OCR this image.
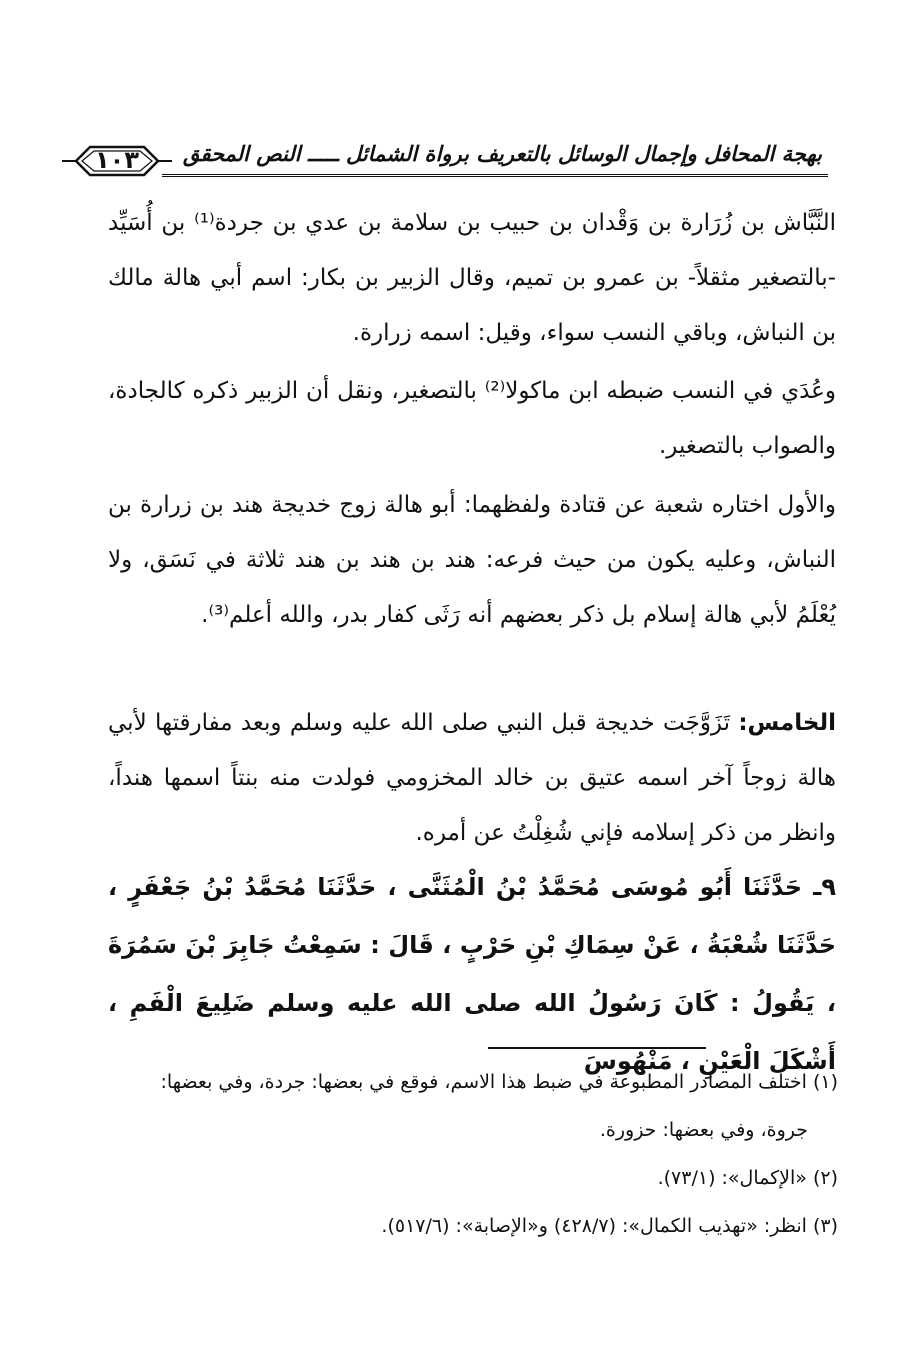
١٠٣	بهجة المحافل وإجمال الوسائل بالتعريف برواة الشمائل ـــــ النص المحقق

النَّبَّاش بن زُرَارة بن وَقْدان بن حبيب بن سلامة بن عدي بن جردة⁽¹⁾ بن أُسَيِّد -بالتصغير مثقلاً- بن عمرو بن تميم، وقال الزبير بن بكار: اسم أبي هالة مالك بن النباش، وباقي النسب سواء، وقيل: اسمه زرارة.

وعُدَي في النسب ضبطه ابن ماكولا⁽²⁾ بالتصغير، ونقل أن الزبير ذكره كالجادة، والصواب بالتصغير.

والأول اختاره شعبة عن قتادة ولفظهما: أبو هالة زوج خديجة هند بن زرارة بن النباش، وعليه يكون من حيث فرعه: هند بن هند بن هند ثلاثة في نَسَق، ولا يُعْلَمُ لأبي هالة إسلام بل ذكر بعضهم أنه رَثَى كفار بدر، والله أعلم⁽³⁾.

الخامس: تَزَوَّجَت خديجة قبل النبي صلى الله عليه وسلم وبعد مفارقتها لأبي هالة زوجاً آخر اسمه عتيق بن خالد المخزومي فولدت منه بنتاً اسمها هنداً، وانظر من ذكر إسلامه فإني شُغِلْتُ عن أمره.

٩ـ حَدَّثَنَا أَبُو مُوسَى مُحَمَّدُ بْنُ الْمُثَنَّى ، حَدَّثَنَا مُحَمَّدُ بْنُ جَعْفَرٍ ، حَدَّثَنَا شُعْبَةُ ، عَنْ سِمَاكِ بْنِ حَرْبٍ ، قَالَ : سَمِعْتُ جَابِرَ بْنَ سَمُرَةَ ، يَقُولُ : كَانَ رَسُولُ الله صلى الله عليه وسلم ضَلِيعَ الْفَمِ ، أَشْكَلَ الْعَيْنِ ، مَنْهُوسَ

(١) اختلف المصادر المطبوعة في ضبط هذا الاسم، فوقع في بعضها: جردة، وفي بعضها:

جروة، وفي بعضها: حزورة.

(٢) «الإكمال»: (٧٣/١).

(٣) انظر: «تهذيب الكمال»: (٤٢٨/٧) و«الإصابة»: (٥١٧/٦).
